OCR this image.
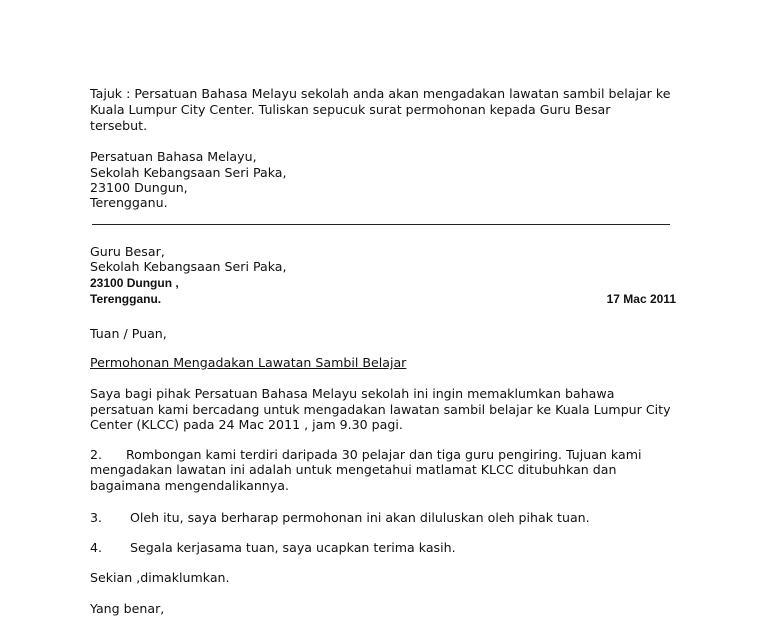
Tajuk : Persatuan Bahasa Melayu sekolah anda akan mengadakan lawatan sambil belajar ke
Kuala Lumpur City Center. Tuliskan sepucuk surat permohonan kepada Guru Besar
tersebut.
Persatuan Bahasa Melayu,
Sekolah Kebangsaan Seri Paka,
23100 Dungun,
Terengganu.
Guru Besar,
Sekolah Kebangsaan Seri Paka,
23100 Dungun ,
Terengganu.	17 Mac 2011
Tuan / Puan,
Permohonan Mengadakan Lawatan Sambil Belajar
Saya bagi pihak Persatuan Bahasa Melayu sekolah ini ingin memaklumkan bahawa
persatuan kami bercadang untuk mengadakan lawatan sambil belajar ke Kuala Lumpur City
Center (KLCC) pada 24 Mac 2011 , jam 9.30 pagi.
2. Rombongan kami terdiri daripada 30 pelajar dan tiga guru pengiring. Tujuan kami
mengadakan lawatan ini adalah untuk mengetahui matlamat KLCC ditubuhkan dan
bagaimana mengendalikannya.
3. Oleh itu, saya berharap permohonan ini akan diluluskan oleh pihak tuan.
4. Segala kerjasama tuan, saya ucapkan terima kasih.
Sekian ,dimaklumkan.
Yang benar,
